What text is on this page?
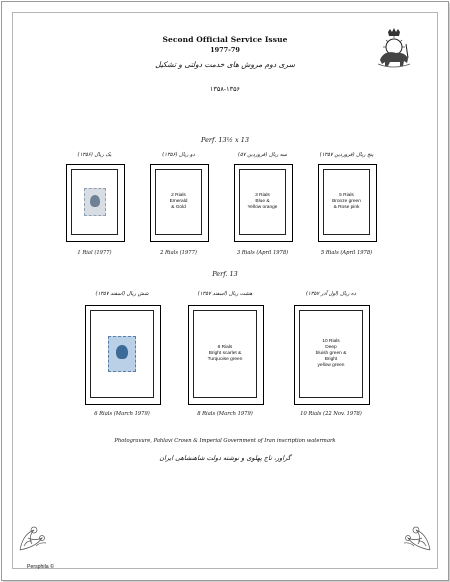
Second Official Service Issue
1977-79
سری دوم مروش های خدمت دولتی و تشکیل
۱۳۵۸-۱۳۵۶
Perf. 13½ x 13
یک ریال (۱۳۵۶)
1 Rial (1977)
دو ریال (۱۳۵۶)
2 Rials
Emerald
& Gold
2 Rials (1977)
سه ریال (فروردین ۵۷)
3 Rials
Blue &
Yellow orange
3 Rials (April 1978)
پنج ریال (فروردین ۱۳۵۷)
5 Rials
Bronze green
& Rose pink
5 Rials (April 1978)
Perf. 13
شش ریال (اسفند ۱۳۵۷)
6 Rials (March 1979)
هشت ریال (اسفند ۱۳۵۷)
8 Rials
Bright scarlet &
Turquoise green
8 Rials (March 1979)
ده ریال (اول آذر ۱۳۵۷)
10 Rials
Deep
bluish green &
Bright
yellow green
10 Rials (22 Nov. 1978)
Photogravure, Pahlavi Crown & Imperial Government of Iran inscription watermark
گراور، تاج پهلوی و نوشته دولت شاهنشاهی ایران
Persphila ©
